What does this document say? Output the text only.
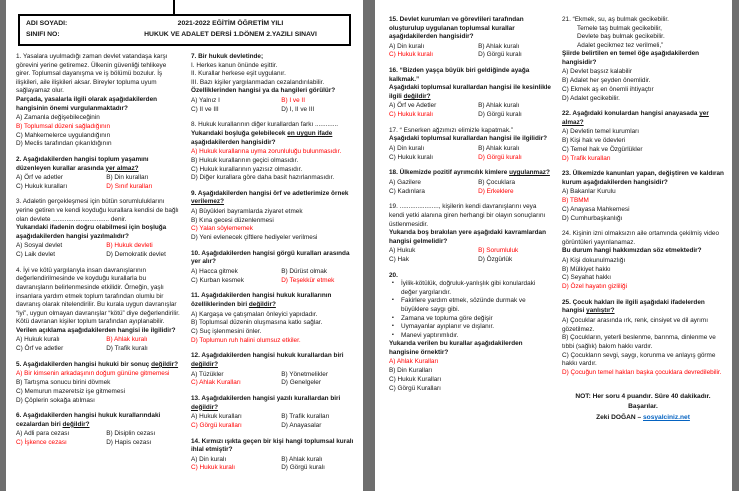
ADI SOYADI:	2021-2022 EĞİTİM ÖĞRETİM YILI
SINIFI NO:	HUKUK VE ADALET DERSİ 1.DÖNEM 2.YAZILI SINAVI
1. Yasalara uyulmadığı zaman devlet vatandaşa karşı görevini yerine getiremez. Ülkenin güvenliği tehlikeye girer. Toplumsal dayanışma ve iş bölümü bozulur. İş ilişkileri, aile ilişkileri aksar. Bireyler topluma uyum sağlayamaz olur.
Parçada, yasalarla ilgili olarak aşağıdakilerden hangisinin önemi vurgulanmaktadır?
A) Zamanla değişebileceğinin
B) Toplumsal düzeni sağladığının
C) Mahkemelerce uygulandığının
D) Meclis tarafından çıkarıldığının
2. Aşağıdakilerden hangisi toplum yaşamını düzenleyen kurallar arasında yer almaz?
A) Örf ve adetler	B) Din kuralları
C) Hukuk kuralları	D) Sınıf kuralları
3. Adaletin gerçekleşmesi için bütün sorumluluklarını yerine getiren ve kendi koyduğu kurallara kendisi de bağlı olan devlete ................................ denir.
Yukarıdaki ifadenin doğru olabilmesi için boşluğa aşağıdakilerden hangisi yazılmalıdır?
A) Sosyal devlet	B) Hukuk devleti
C) Laik devlet	D) Demokratik devlet
4. İyi ve kötü yargılarıyla insan davranışlarının değerlendirilmesinde ve koyduğu kurallarla bu davranışların belirlenmesinde etkilidir. Örneğin, yaşlı insanlara yardım etmek toplum tarafından olumlu bir davranış olarak nitelendirilir. Bu kurala uygun davranışlar “iyi”, uygun olmayan davranışlar “kötü” diye değerlendirilir. Kötü davranan kişiler toplum tarafından ayıplanabilir.
Verilen açıklama aşağıdakilerden hangisi ile ilgilidir?
A) Hukuk kuralı	B) Ahlak kuralı
C) Örf ve adetler	D) Trafik kuralı
5. Aşağıdakilerden hangisi hukuki bir sonuç değildir?
A) Bir kimsenin arkadaşının doğum gününe gitmemesi
B) Tartışma sonucu birini dövmek
C) Memurun mazeretsiz işe gitmemesi
D) Çöplerin sokağa atılması
6. Aşağıdakilerden hangisi hukuk kurallarındaki cezalardan biri değildir?
A) Adli para cezası	B) Disiplin cezası
C) İşkence cezası	D) Hapis cezası
7. Bir hukuk devletinde;
I. Herkes kanun önünde eşittir.
II. Kurallar herkese eşit uygulanır.
III. Bazı kişiler yargılanmadan cezalandırılabilir.
Özelliklerinden hangisi ya da hangileri görülür?
A) Yalnız I	B) I ve II
C) II ve III	D) I, II ve III
8. Hukuk kurallarının diğer kurallardan farkı .............
Yukarıdaki boşluğa gelebilecek en uygun ifade aşağıdakilerden hangisidir?
A) Hukuk kurallarına uyma zorunluluğu bulunmasıdır.
B) Hukuk kurallarının geçici olmasıdır.
C) Hukuk kurallarının yazısız olmasıdır.
D) Diğer kurallara göre daha basit hazırlanmasıdır.
9. Aşağıdakilerden hangisi örf ve adetlerimize örnek verilemez?
A) Büyükleri bayramlarda ziyaret etmek
B) Kına gecesi düzenlenmesi
C) Yalan söylememek
D) Yeni evlenecek çiftlere hediyeler verilmesi
10. Aşağıdakilerden hangisi görgü kuralları arasında yer alır?
A) Hacca gitmek	B) Dürüst olmak
C) Kurban kesmek	D) Teşekkür etmek
11. Aşağıdakilerden hangisi hukuk kurallarının özelliklerinden biri değildir?
A) Kargaşa ve çatışmaları önleyici yapıdadır.
B) Toplumsal düzenin oluşmasına katkı sağlar.
C) Suç işlenmesini önler.
D) Toplumun ruh halini olumsuz etkiler.
12. Aşağıdakilerden hangisi hukuk kurallardan biri değildir?
A) Tüzükler	B) Yönetmelikler
C) Ahlak Kuralları	D) Genelgeler
13. Aşağıdakilerden hangisi yazılı kurallardan biri değildir?
A) Hukuk kuralları	B) Trafik kuralları
C) Görgü kuralları	D) Anayasalar
14. Kırmızı ışıkta geçen bir kişi hangi toplumsal kuralı ihlal etmiştir?
A) Din kuralı	B) Ahlak kuralı
C) Hukuk kuralı	D) Görgü kuralı
15. Devlet kurumları ve görevlileri tarafından oluşturulup uygulanan toplumsal kurallar aşağıdakilerden hangisidir?
A) Din kuralı	B) Ahlak kuralı
C) Hukuk kuralı	D) Görgü kuralı
16. “Bizden yaşça büyük biri geldiğinde ayağa kalkmak.”
Aşağıdaki toplumsal kurallardan hangisi ile kesinlikle ilgili değildir?
A) Örf ve Adetler	B) Ahlak kuralı
C) Hukuk kuralı	D) Görgü kuralı
17. “ Esnerken ağzımızı elimizle kapatmak.”
Aşağıdaki toplumsal kurallardan hangisi ile ilgilidir?
A) Din kuralı	B) Ahlak kuralı
C) Hukuk kuralı	D) Görgü kuralı
18. Ülkemizde pozitif ayrımcılık kimlere uygulanmaz?
A) Gazilere	B) Çocuklara
C) Kadınlara	D) Erkeklere
19. ......................, kişilerin kendi davranışlarını veya kendi yetki alanına giren herhangi bir olayın sonuçlarını üstlenmesidir.
Yukarıda boş bırakılan yere aşağıdaki kavramlardan hangisi gelmelidir?
A) Hukuk	B) Sorumluluk
C) Hak	D) Özgürlük
20.
▪ İyilik-kötülük, doğruluk-yanlışlık gibi konulardaki değer yargılarıdır.
▪ Fakirlere yardım etmek, sözünde durmak ve büyüklere saygı gibi.
▪ Zamana ve topluma göre değişir
▪ Uymayanlar ayıplanır ve dışlanır.
▪ Manevi yaptırımlıdır.
Yukarıda verilen bu kurallar aşağıdakilerden hangisine örnektir?
A) Ahlak Kuralları
B) Din Kuralları
C) Hukuk Kuralları
C) Görgü Kuralları
21. “Ekmek, su, aş bulmak gecikebilir.
Temele taş bulmak gecikebilir,
Devlete baş bulmak gecikebilir.
Adalet gecikmez tez verilmeli,”
Şiirde belirtilen en temel öğe aşağıdakilerden hangisidir?
A) Devlet başsız kalabilir
B) Adalet her şeyden önemlidir.
C) Ekmek aş en önemli ihtiyaçtır
D) Adalet gecikebilir.
22. Aşağıdaki konulardan hangisi anayasada yer almaz?
A) Devletin temel kurumları
B) Kişi hak ve ödevleri
C) Temel hak ve Özgürlükler
D) Trafik kuralları
23. Ülkemizde kanunları yapan, değiştiren ve kaldıran kurum aşağıdakilerden hangisidir?
A) Bakanlar Kurulu
B) TBMM
C) Anayasa Mahkemesi
D) Cumhurbaşkanlığı
24. Kişinin izni olmaksızın aile ortamında çekilmiş video görüntüleri yayınlanamaz.
Bu durum hangi hakkımızdan söz etmektedir?
A) Kişi dokunulmazlığı
B) Mülkiyet hakkı
C) Seyahat hakkı
D) Özel hayatın gizliliği
25. Çocuk hakları ile ilgili aşağıdaki ifadelerden hangisi yanlıştır?
A) Çocuklar arasında ırk, renk, cinsiyet ve dil ayrımı gözetilmez.
B) Çocukların, yeterli beslenme, barınma, dinlenme ve tıbbi (sağlık) bakım hakkı vardır.
C) Çocukların sevgi, saygı, korunma ve anlayış görme hakkı vardır.
D) Çocuğun temel hakları başka çocuklara devredilebilir.
NOT: Her soru 4 puandır. Süre 40 dakikadır.
Başarılar.
Zeki DOĞAN – sosyalciniz.net
